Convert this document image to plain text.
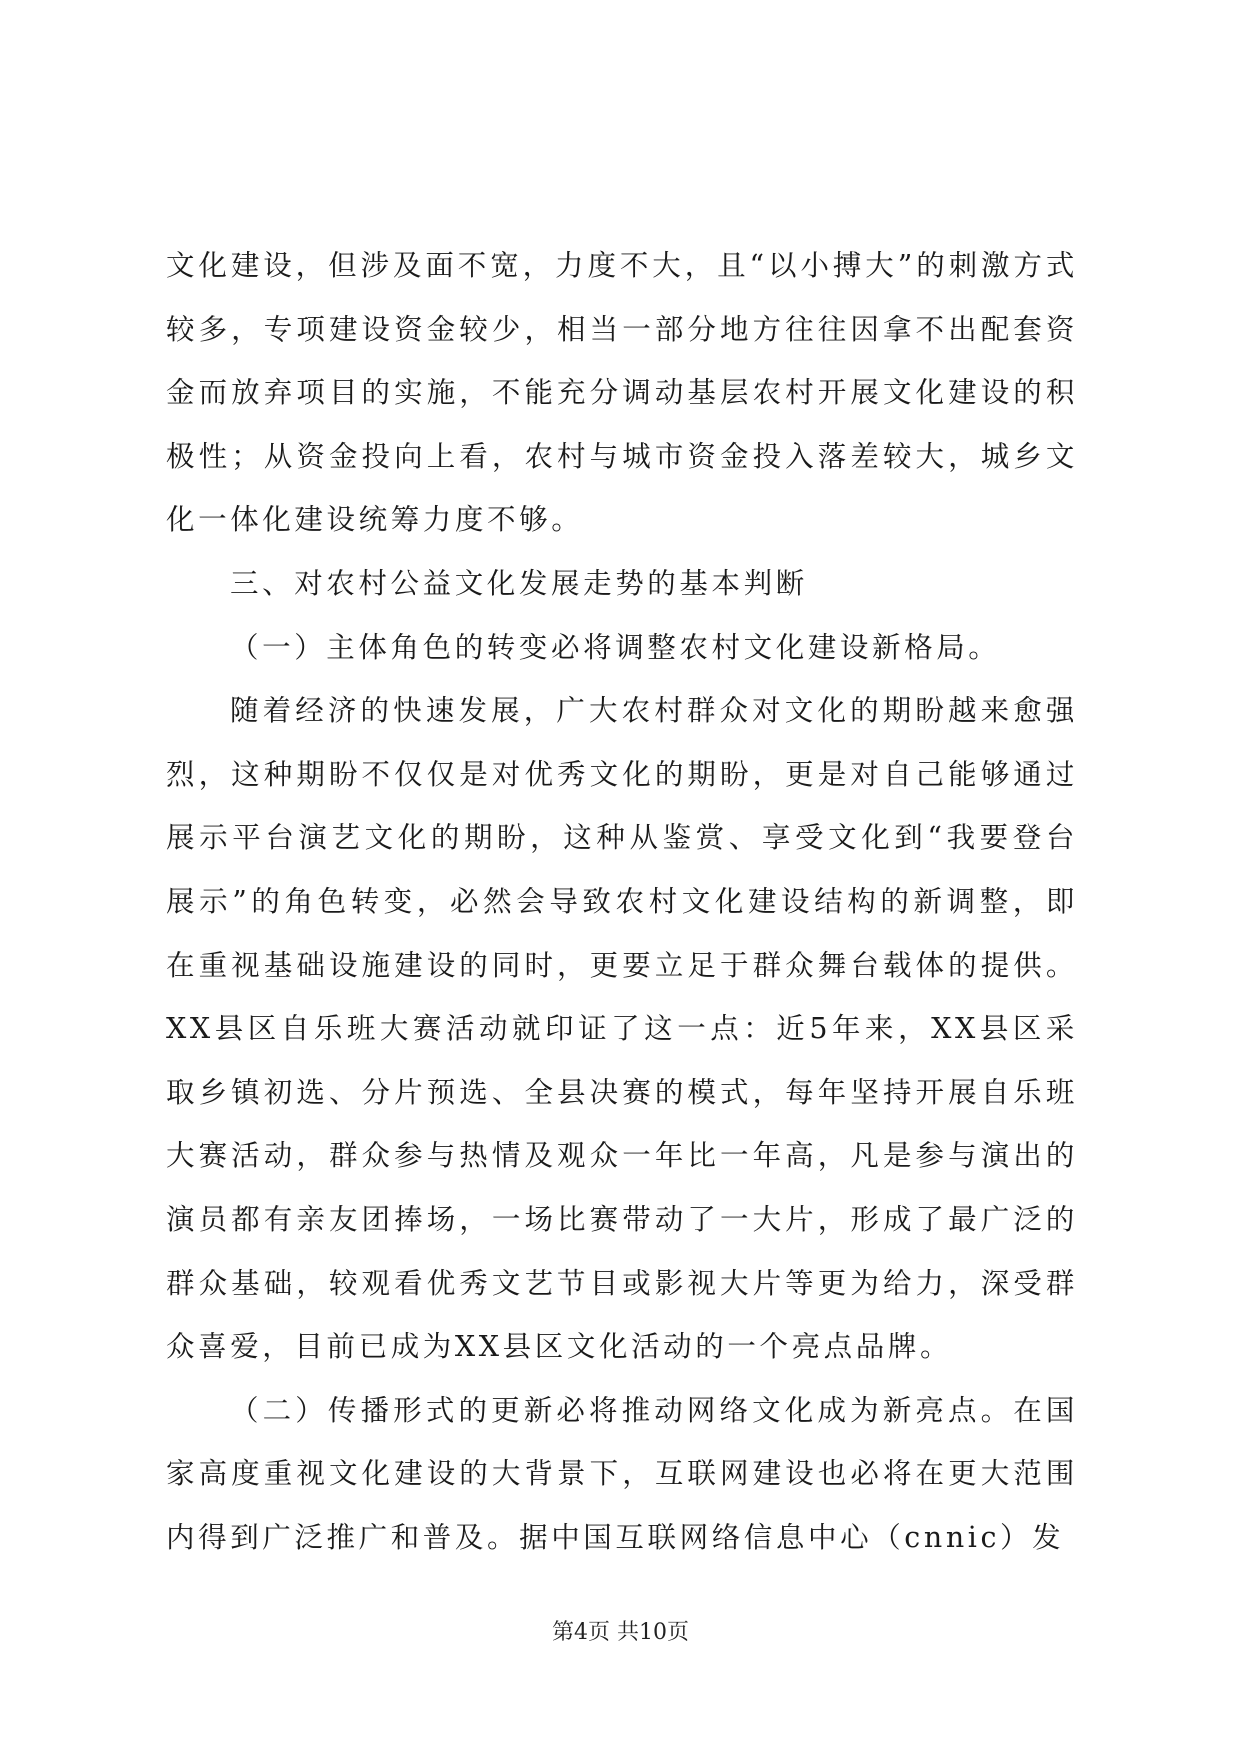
文化建设，但涉及面不宽，力度不大，且“以小搏大”的刺激方式较多，专项建设资金较少，相当一部分地方往往因拿不出配套资金而放弃项目的实施，不能充分调动基层农村开展文化建设的积极性；从资金投向上看，农村与城市资金投入落差较大，城乡文化一体化建设统筹力度不够。

三、对农村公益文化发展走势的基本判断

（一）主体角色的转变必将调整农村文化建设新格局。

随着经济的快速发展，广大农村群众对文化的期盼越来愈强烈，这种期盼不仅仅是对优秀文化的期盼，更是对自己能够通过展示平台演艺文化的期盼，这种从鉴赏、享受文化到“我要登台展示”的角色转变，必然会导致农村文化建设结构的新调整，即在重视基础设施建设的同时，更要立足于群众舞台载体的提供。XX县区自乐班大赛活动就印证了这一点：近5年来，XX县区采取乡镇初选、分片预选、全县决赛的模式，每年坚持开展自乐班大赛活动，群众参与热情及观众一年比一年高，凡是参与演出的演员都有亲友团捧场，一场比赛带动了一大片，形成了最广泛的群众基础，较观看优秀文艺节目或影视大片等更为给力，深受群众喜爱，目前已成为XX县区文化活动的一个亮点品牌。

（二）传播形式的更新必将推动网络文化成为新亮点。在国家高度重视文化建设的大背景下，互联网建设也必将在更大范围内得到广泛推广和普及。据中国互联网络信息中心（cnnic）发

第4页 共10页
